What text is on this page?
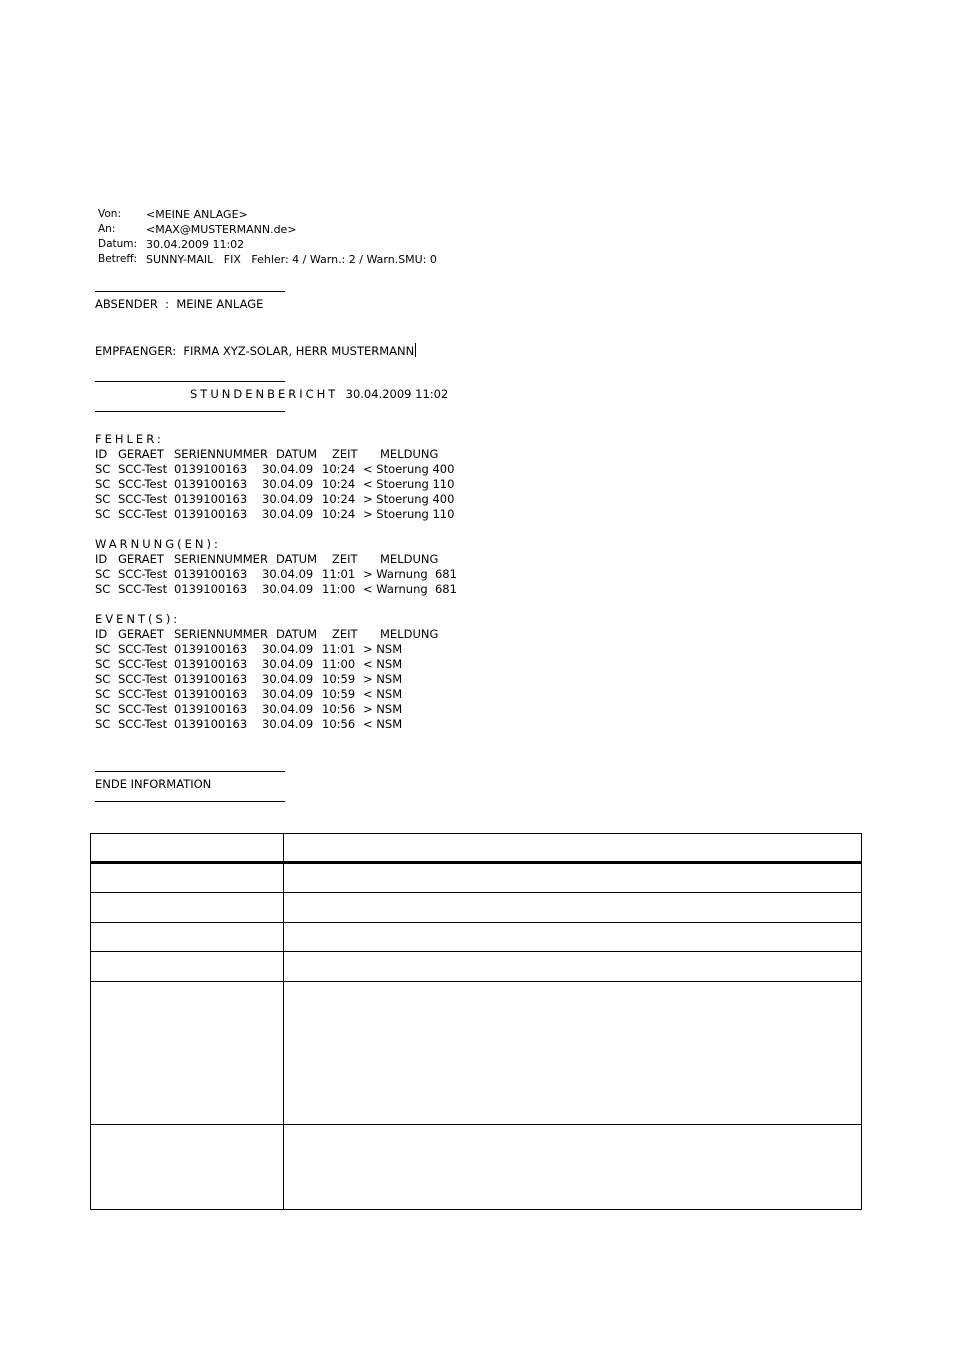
Von: <MEINE ANLAGE>
An:	<MAX@MUSTERMANN.de>
Datum: 30.04.2009 11:02
Betreff: SUNNY-MAIL   FIX   Fehler: 4 / Warn.: 2 / Warn.SMU: 0
ABSENDER  :  MEINE ANLAGE
EMPFAENGER:  FIRMA XYZ-SOLAR, HERR MUSTERMANN
STUNDENBERICHT 30.04.2009 11:02
FEHLER:
ID GERAET SERIENNUMMER DATUM ZEIT MELDUNG
SC SCC-Test 0139100163 30.04.09 10:24 < Stoerung 400
SC SCC-Test 0139100163 30.04.09 10:24 < Stoerung 110
SC SCC-Test 0139100163 30.04.09 10:24 > Stoerung 400
SC SCC-Test 0139100163 30.04.09 10:24 > Stoerung 110
WARNUNG(EN):
ID GERAET SERIENNUMMER DATUM ZEIT MELDUNG
SC SCC-Test 0139100163 30.04.09 11:01 > Warnung  681
SC SCC-Test 0139100163 30.04.09 11:00 < Warnung  681
EVENT(S):
ID GERAET SERIENNUMMER DATUM ZEIT MELDUNG
SC SCC-Test 0139100163 30.04.09 11:01 > NSM
SC SCC-Test 0139100163 30.04.09 11:00 < NSM
SC SCC-Test 0139100163 30.04.09 10:59 > NSM
SC SCC-Test 0139100163 30.04.09 10:59 < NSM
SC SCC-Test 0139100163 30.04.09 10:56 > NSM
SC SCC-Test 0139100163 30.04.09 10:56 < NSM
ENDE INFORMATION
